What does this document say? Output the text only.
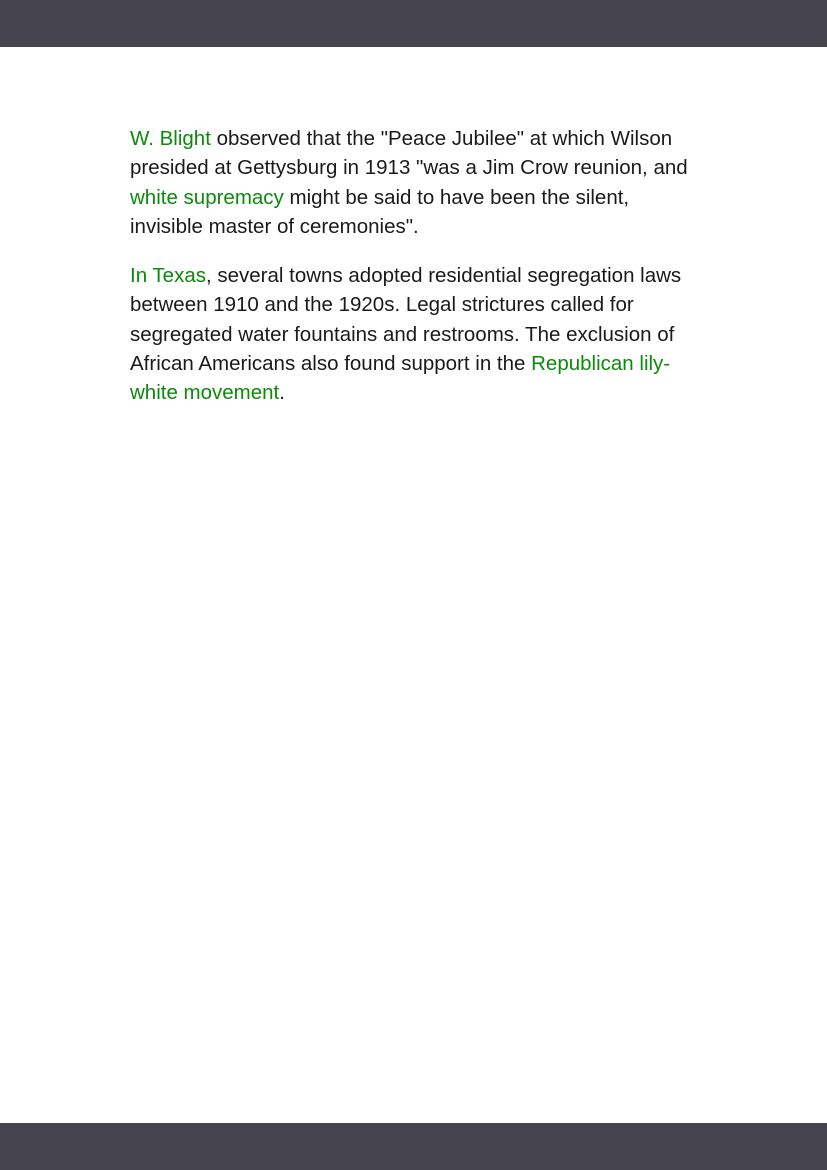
W. Blight observed that the "Peace Jubilee" at which Wilson presided at Gettysburg in 1913 "was a Jim Crow reunion, and white supremacy might be said to have been the silent, invisible master of ceremonies".

In Texas, several towns adopted residential segregation laws between 1910 and the 1920s. Legal strictures called for segregated water fountains and restrooms. The exclusion of African Americans also found support in the Republican lily-white movement.
